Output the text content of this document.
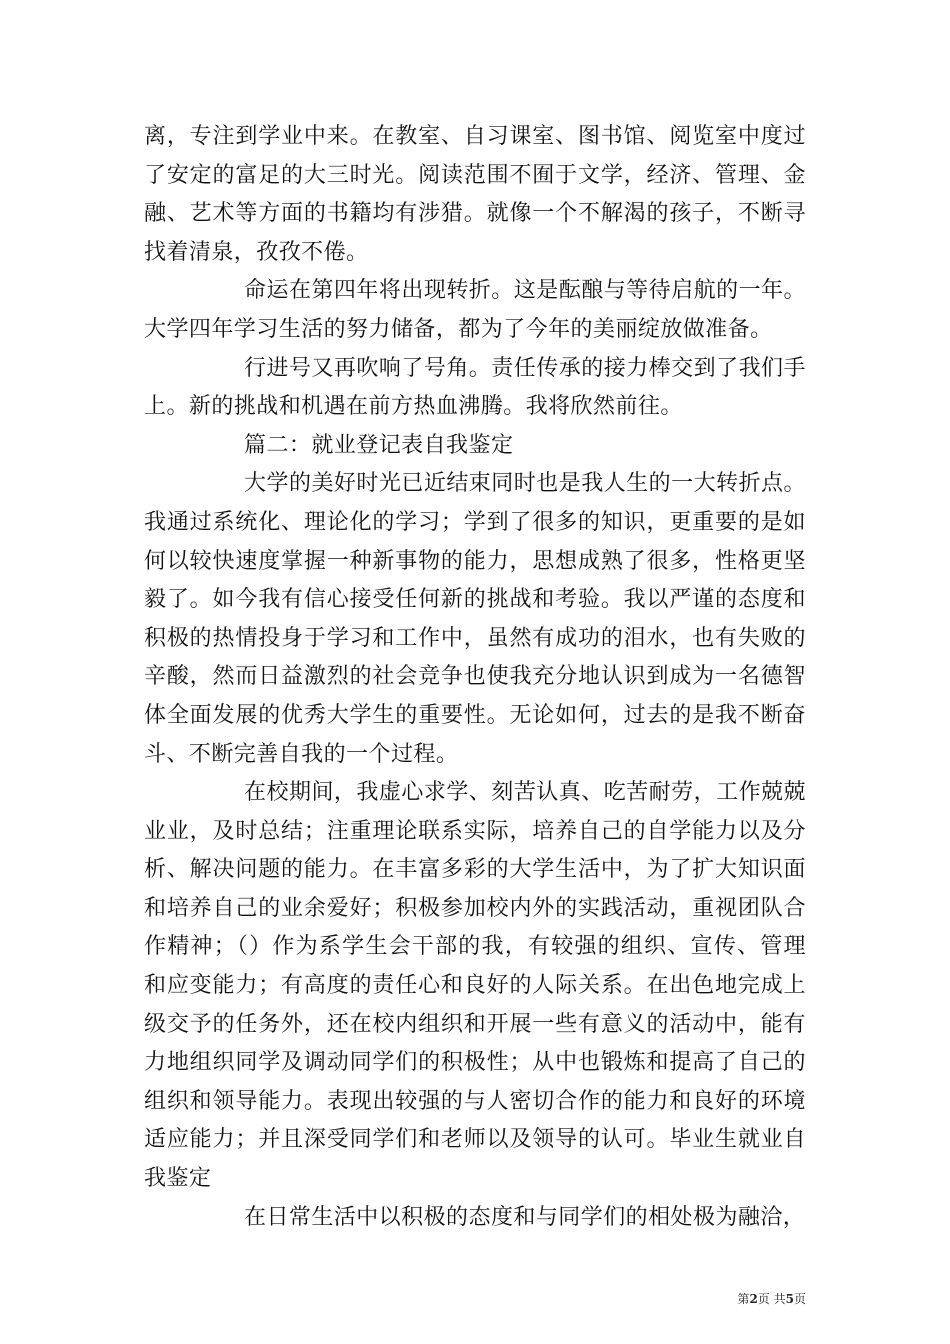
离，专注到学业中来。在教室、自习课室、图书馆、阅览室中度过了安定的富足的大三时光。阅读范围不囿于文学，经济、管理、金融、艺术等方面的书籍均有涉猎。就像一个不解渴的孩子，不断寻找着清泉，孜孜不倦。

命运在第四年将出现转折。这是酝酿与等待启航的一年。大学四年学习生活的努力储备，都为了今年的美丽绽放做准备。

行进号又再吹响了号角。责任传承的接力棒交到了我们手上。新的挑战和机遇在前方热血沸腾。我将欣然前往。

篇二：就业登记表自我鉴定

大学的美好时光已近结束同时也是我人生的一大转折点。我通过系统化、理论化的学习；学到了很多的知识，更重要的是如何以较快速度掌握一种新事物的能力，思想成熟了很多，性格更坚毅了。如今我有信心接受任何新的挑战和考验。我以严谨的态度和积极的热情投身于学习和工作中，虽然有成功的泪水，也有失败的辛酸，然而日益激烈的社会竞争也使我充分地认识到成为一名德智体全面发展的优秀大学生的重要性。无论如何，过去的是我不断奋斗、不断完善自我的一个过程。

在校期间，我虚心求学、刻苦认真、吃苦耐劳，工作兢兢业业，及时总结；注重理论联系实际，培养自己的自学能力以及分析、解决问题的能力。在丰富多彩的大学生活中，为了扩大知识面和培养自己的业余爱好；积极参加校内外的实践活动，重视团队合作精神；（）作为系学生会干部的我，有较强的组织、宣传、管理和应变能力；有高度的责任心和良好的人际关系。在出色地完成上级交予的任务外，还在校内组织和开展一些有意义的活动中，能有力地组织同学及调动同学们的积极性；从中也锻炼和提高了自己的组织和领导能力。表现出较强的与人密切合作的能力和良好的环境适应能力；并且深受同学们和老师以及领导的认可。毕业生就业自我鉴定

在日常生活中以积极的态度和与同学们的相处极为融洽，

第2页 共5页
